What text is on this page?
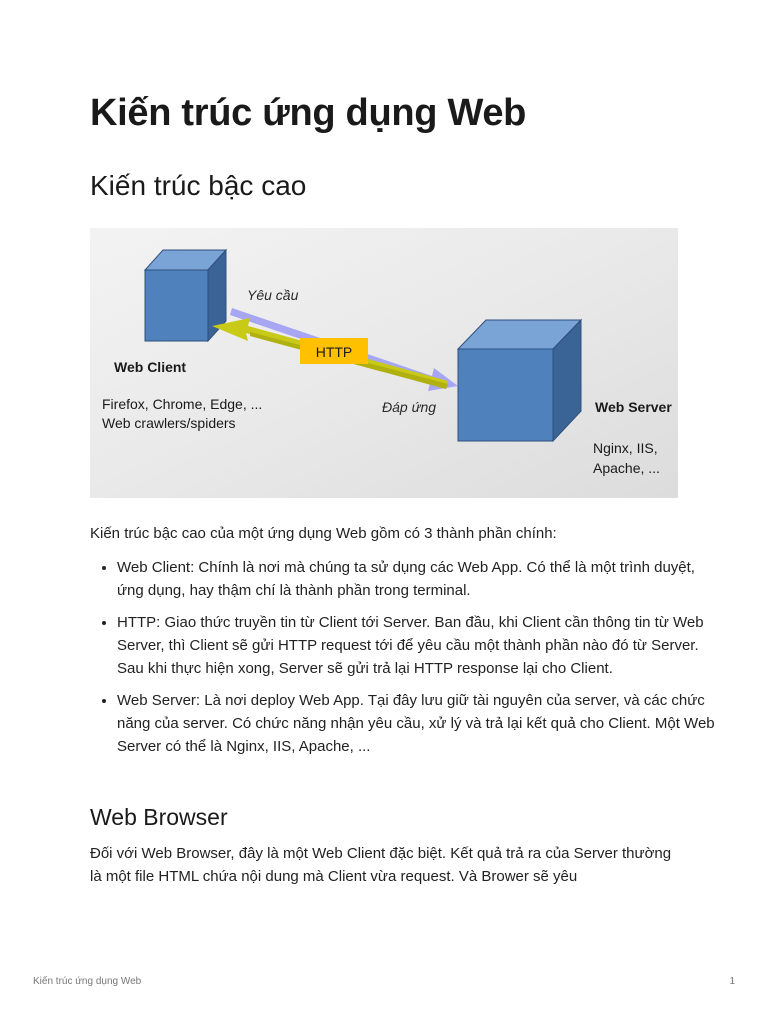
Kiến trúc ứng dụng Web
Kiến trúc bậc cao
HTTP
Yêu cầu
Đáp ứng
Web Client
Firefox, Chrome, Edge, ...
Web crawlers/spiders
Web Server
Nginx, IIS,
Apache, ...

Kiến trúc bậc cao của một ứng dụng Web gồm có 3 thành phần chính:

• Web Client: Chính là nơi mà chúng ta sử dụng các Web App. Có thể là một trình duyệt, ứng dụng, hay thậm chí là thành phần trong terminal.
• HTTP: Giao thức truyền tin từ Client tới Server. Ban đầu, khi Client cần thông tin từ Web Server, thì Client sẽ gửi HTTP request tới để yêu cầu một thành phần nào đó từ Server. Sau khi thực hiện xong, Server sẽ gửi trả lại HTTP response lại cho Client.
• Web Server: Là nơi deploy Web App. Tại đây lưu giữ tài nguyên của server, và các chức năng của server. Có chức năng nhận yêu cầu, xử lý và trả lại kết quả cho Client. Một Web Server có thể là Nginx, IIS, Apache, ...
Web Browser

Đối với Web Browser, đây là một Web Client đặc biệt. Kết quả trả ra của Server thường là một file HTML chứa nội dung mà Client vừa request. Và Brower sẽ yêu

Kiến trúc ứng dụng Web	1
